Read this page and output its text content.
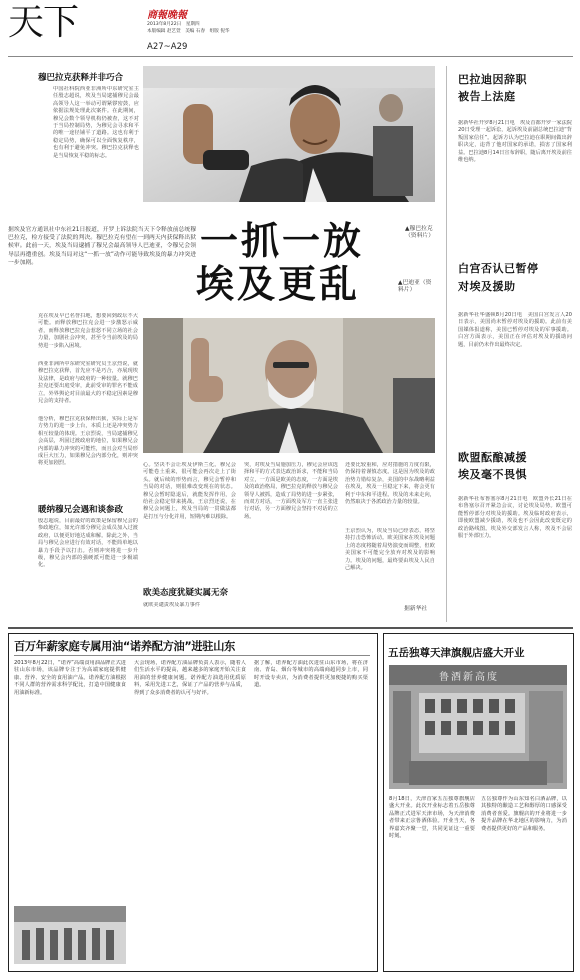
天下	商報晚報
2013年8月22日　星期四
本版编辑 赵艺萱　美编 石春　组版 倪华
A27~A29
穆巴拉克获释并非巧合
中国社科院西亚非洲所中东研究室主任殷志超说，埃及当局逮捕穆兄会最高领导人这一举动可谓紧锣密鼓，应依据法规处理此次案件。在此期间，穆兄会数个领导机构仍被查，这不对于当局控制局势，为穆兄会寻求和平的唯一途径铺平了道路。这也有利于稳定局势，确保可以全面恢复秩序，也有利于避免冲突。穆巴拉克获释也是当局恢复平稳的标志。
据埃及官方通讯社中东社21日报道，开罗上诉法院当天下令释放前总统穆巴拉克，检方接受了法院的判决。穆巴拉克有望在一到两天内获保释出狱候审。此前一天，埃及当局逮捕了穆兄会最高领导人巴迪亚，令穆兄会领导层再遭重创。埃及当局对这“一抓一放”动作可能导致埃及的暴力冲突进一步加剧。
克在埃及早已名誉扫地，想要回到政坛不大可能。而释放穆巴拉克会进一步激怒示威者，而释放穆巴拉克会惹怒不同立场的社会力量，加剧社会冲突，甚至令当前埃及的局势进一步陷入困境。
西亚非洲所中东研究室研究员王京烈说，就穆巴拉克获释，首先应不是巧合，亦展现埃及法律，是政府与政府的一种较量。就穆巴拉克还要出庭受审，此前受审的罪名不能成立。外界舆论对目前最大的不稳定因素是穆兄会的支持者。
他分析，穆巴拉克获保释出狱，实际上是军方势力的进一步上台，本质上还是冲突势力相互较量的体现。王京烈说，当局逮捕穆兄会高层，巩固过渡政府的地位，如果穆兄会内部的暴力冲突的可能性，而且会对当局形成巨大压力，如果穆兄会内部分化，则冲突将更加剧烈。
暖纳穆兄会遇和谈参政
殷志超说，目前最好的政策是保留穆兄会的参政地位，如允许部分穆兄会成员加入过渡政府，以便更好地达成和解。除此之外，当局与穆兄会应进行有效对话，不能简单地以暴力手段予以打击。否则冲突将进一步升级，穆兄会内部的强硬派可能进一步极端化。
▲穆巴拉克（资料片）
一抓一放
埃及更乱	▲巴迪亚（资料片）
心。坚决不会让埃及伊斯兰化。穆兄会可能卷土重来，很可能会再次走上了街头。就后续的形势而言，穆兄会暂停和当局的对话，则很难改变现在的状态。穆兄会暂时隐退后，就能发挥作用，会给社会稳定带来挑战。王京烈还说，在穆兄会问题上，埃及当局的一贯做法都是打压与分化并用，短期内难以根除。
欧美态度犹疑实属无奈
就欧美谴责埃及暴力事件
突，对埃及当局施加压力，穆兄会应该选择和平的方式表达政治诉求，不能和当局对立，一方面是欧美的态度，一方面是埃及的政治格局，穆巴拉克的释放与穆兄会领导人被抓，造成了局势的进一步紧张，而双方对话，一方面埃及军方一直主张进行对话，另一方面穆兄会坚持不对话的立场。
还要比较重和，应对措施的力度有限，仍保持着谨慎态度。这是因为埃及的政治势力错综复杂，美国的中东战略利益在埃及，埃及一旦稳定下来，将会更有利于中东和平进程。埃及的未来走向，仍然取决于各派政治力量的较量。
王京烈认为，埃及当局已经表态，将坚持打击恐怖活动。欧美国家在埃及问题上的态度将随着局势演变而调整，但欧美国家不可能完全放弃对埃及的影响力。埃及的问题，最终要由埃及人民自己解决。
据新华社
巴拉迪因辞职
被告上法庭
据新华社开罗8月21日电　埃及首都开罗一家法院20日受理一起诉讼，起诉埃及前副总统巴拉迪“背叛国家信任”。起诉方认为巴拉迪在职期间做出辞职决定，违背了他对国家的承诺，损害了国家利益。巴拉迪8月14日宣布辞职，随后离开埃及前往维也纳。
白宫否认已暂停
对埃及援助
据新华社华盛顿8月20日电　美国白宫发言人20日表示，美国尚未暂停对埃及的援助。此前有美国媒体报道称，美国已暂停对埃及的军事援助。白宫方面表示，美国正在评估对埃及的援助问题，目前仍未作出最终决定。
欧盟酝酿减援
埃及毫不畏惧
据新华社布鲁塞尔8月21日电　欧盟外长21日在布鲁塞尔召开紧急会议，讨论埃及局势。欧盟可能暂停部分对埃及的援助。埃及临时政府表示，即使欧盟减少援助，埃及也不会因此改变既定的政治路线图。埃及外交部发言人称，埃及不会屈服于外部压力。
百万年薪家庭专属用油“诺养配方油”进驻山东
2013年8月22日，“诺养”高端食用油品牌正式进驻山东市场，该品牌专注于为高端家庭提供健康、营养、安全的食用油产品。诺养配方油根据不同人群的营养需求科学配比，打造中国健康食用油新标准。
大会现场，诺养配方油品牌负责人表示，随着人们生活水平的提高，越来越多的家庭开始关注食用油的营养健康问题。诺养配方油选用优质原料，采用先进工艺，保证了产品的营养与品质，得到了众多消费者的认可与好评。
据了解，诺养配方油此次进驻山东市场，将在济南、青岛、烟台等城市的高端商超同步上市，同时开设专卖店，为消费者提供更加便捷的购买渠道。
五岳独尊天津旗舰店盛大开业
鲁酒新高度
8月18日，天津首家五岳独尊旗舰店盛大开业。此次开业标志着五岳独尊品牌正式进军天津市场，为天津消费者带来正宗鲁酒体验。开业当天，各界嘉宾齐聚一堂，共同见证这一重要时刻。
五岳独尊作为山东知名白酒品牌，以其独特的酿造工艺和醇厚的口感深受消费者喜爱。旗舰店的开业将进一步提升品牌在华北地区的影响力，为消费者提供更好的产品和服务。
